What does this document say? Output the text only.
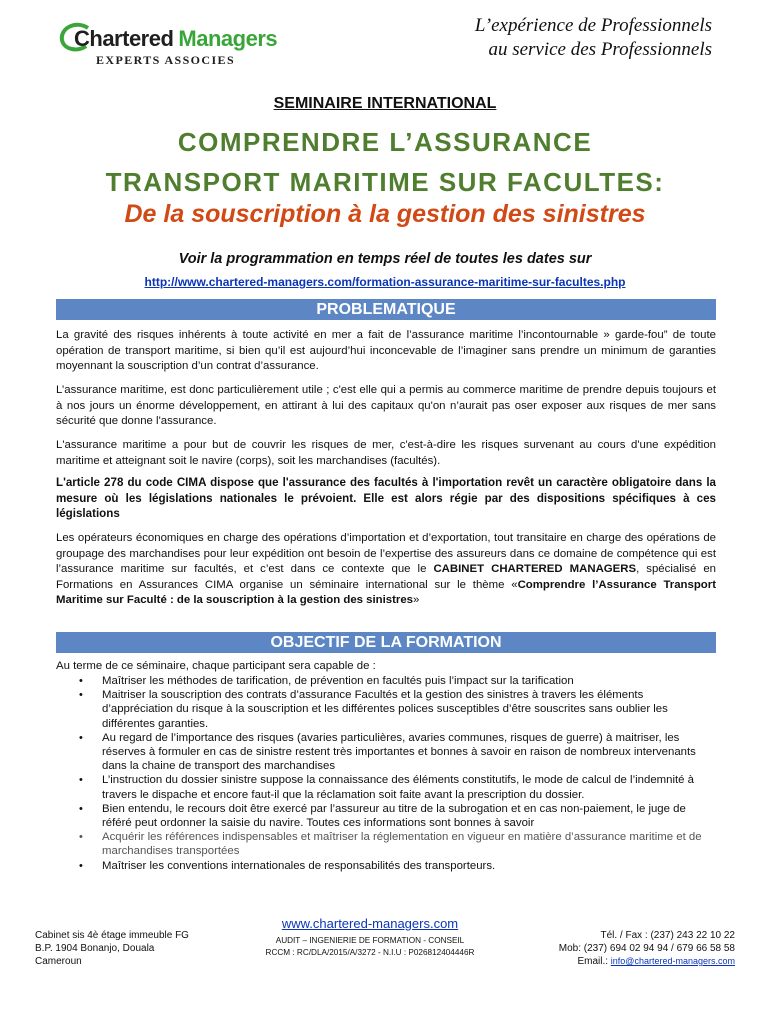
Chartered Managers
EXPERTS ASSOCIES
L’expérience de Professionnels
au service des Professionnels
SEMINAIRE INTERNATIONAL
COMPRENDRE L’ASSURANCE
TRANSPORT MARITIME SUR FACULTES:
De la souscription à la gestion des sinistres
Voir la programmation en temps réel de toutes les dates sur
http://www.chartered-managers.com/formation-assurance-maritime-sur-facultes.php
PROBLEMATIQUE
La gravité des risques inhérents à toute activité en mer a fait de l’assurance maritime l’incontournable » garde-fou” de toute opération de transport maritime, si bien qu’il est aujourd’hui inconcevable de l’imaginer sans prendre un minimum de garanties moyennant la souscription d’un contrat d’assurance.
L’assurance maritime, est donc particulièrement utile ; c'est elle qui a permis au commerce maritime de prendre depuis toujours et à nos jours un énorme développement, en attirant à lui des capitaux qu'on n’aurait pas oser exposer aux risques de mer sans sécurité que donne l'assurance.
L'assurance maritime a pour but de couvrir les risques de mer, c'est-à-dire les risques survenant au cours d'une expédition maritime et atteignant soit le navire (corps), soit les marchandises (facultés).
L'article 278 du code CIMA dispose que l'assurance des facultés à l'importation revêt un caractère obligatoire dans la mesure où les législations nationales le prévoient. Elle est alors régie par des dispositions spécifiques à ces législations
Les opérateurs économiques en charge des opérations d’importation et d’exportation, tout transitaire en charge des opérations de groupage des marchandises pour leur expédition ont besoin de l’expertise des assureurs dans ce domaine de compétence qui est l’assurance maritime sur facultés, et c’est dans ce contexte que le CABINET CHARTERED MANAGERS, spécialisé en Formations en Assurances CIMA organise un séminaire international sur le thème «Comprendre l’Assurance Transport Maritime sur Faculté : de la souscription à la gestion des sinistres»
OBJECTIF DE LA FORMATION
Au terme de ce séminaire, chaque participant sera capable de :
• Maîtriser les méthodes de tarification, de prévention en facultés puis l’impact sur la tarification
• Maitriser la souscription des contrats d’assurance Facultés et la gestion des sinistres à travers les éléments d’appréciation du risque à la souscription et les différentes polices susceptibles d’être souscrites sans oublier les différentes garanties.
• Au regard de l’importance des risques (avaries particulières, avaries communes, risques de guerre) à maitriser, les réserves à formuler en cas de sinistre restent très importantes et bonnes à savoir en raison de nombreux intervenants dans la chaine de transport des marchandises
• L’instruction du dossier sinistre suppose la connaissance des éléments constitutifs, le mode de calcul de l’indemnité à travers le dispache et encore faut-il que la réclamation soit faite avant la prescription du dossier.
• Bien entendu, le recours doit être exercé par l’assureur au titre de la subrogation et en cas non-paiement, le juge de référé peut ordonner la saisie du navire. Toutes ces informations sont bonnes à savoir
• Acquérir les références indispensables et maîtriser la réglementation en vigueur en matière d’assurance maritime et de marchandises transportées
• Maîtriser les conventions internationales de responsabilités des transporteurs.
Cabinet sis 4è étage immeuble FG
B.P. 1904 Bonanjo, Douala
Cameroun
www.chartered-managers.com
AUDIT – INGENIERIE DE FORMATION - CONSEIL
RCCM : RC/DLA/2015/A/3272 - N.I.U : P026812404446R
Tél. / Fax : (237) 243 22 10 22
Mob: (237) 694 02 94 94 / 679 66 58 58
Email.: info@chartered-managers.com
